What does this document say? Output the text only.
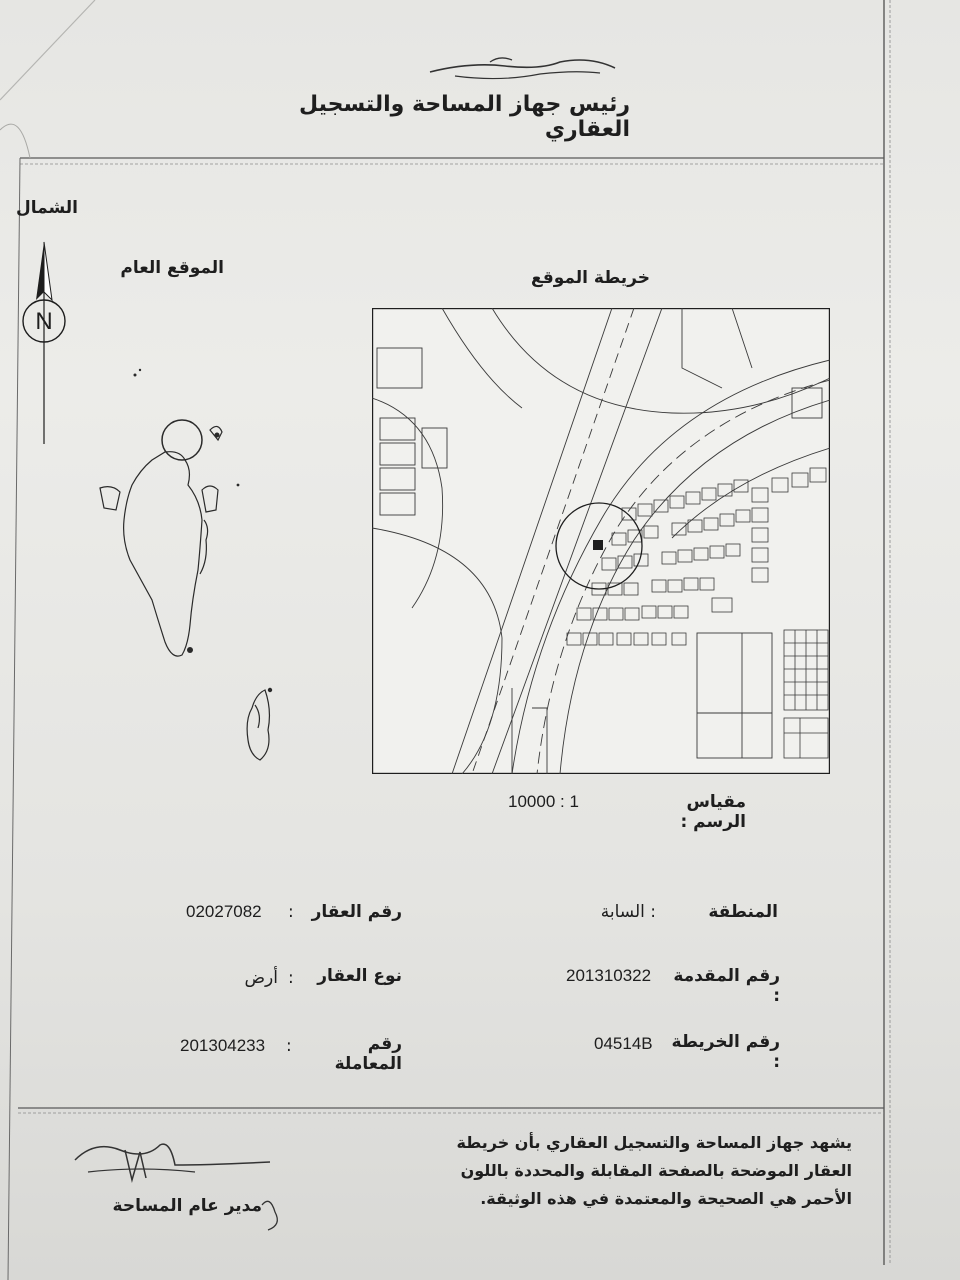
رئيس جهاز المساحة والتسجيل العقاري
الشمال
N
الموقع العام	خريطة الموقع
مقياس الرسم :
10000 : 1
المنطقة
: السابة
رقم المقدمة :
201310322
رقم الخريطة :
04514B
رقم العقار
:
02027082
نوع العقار
:
أرض
رقم المعاملة
:
201304233
يشهد جهاز المساحة والتسجيل العقاري بأن خريطة
العقار الموضحة بالصفحة المقابلة والمحددة باللون
الأحمر هي الصحيحة والمعتمدة في هذه الوثيقة.
مدير عام المساحة
